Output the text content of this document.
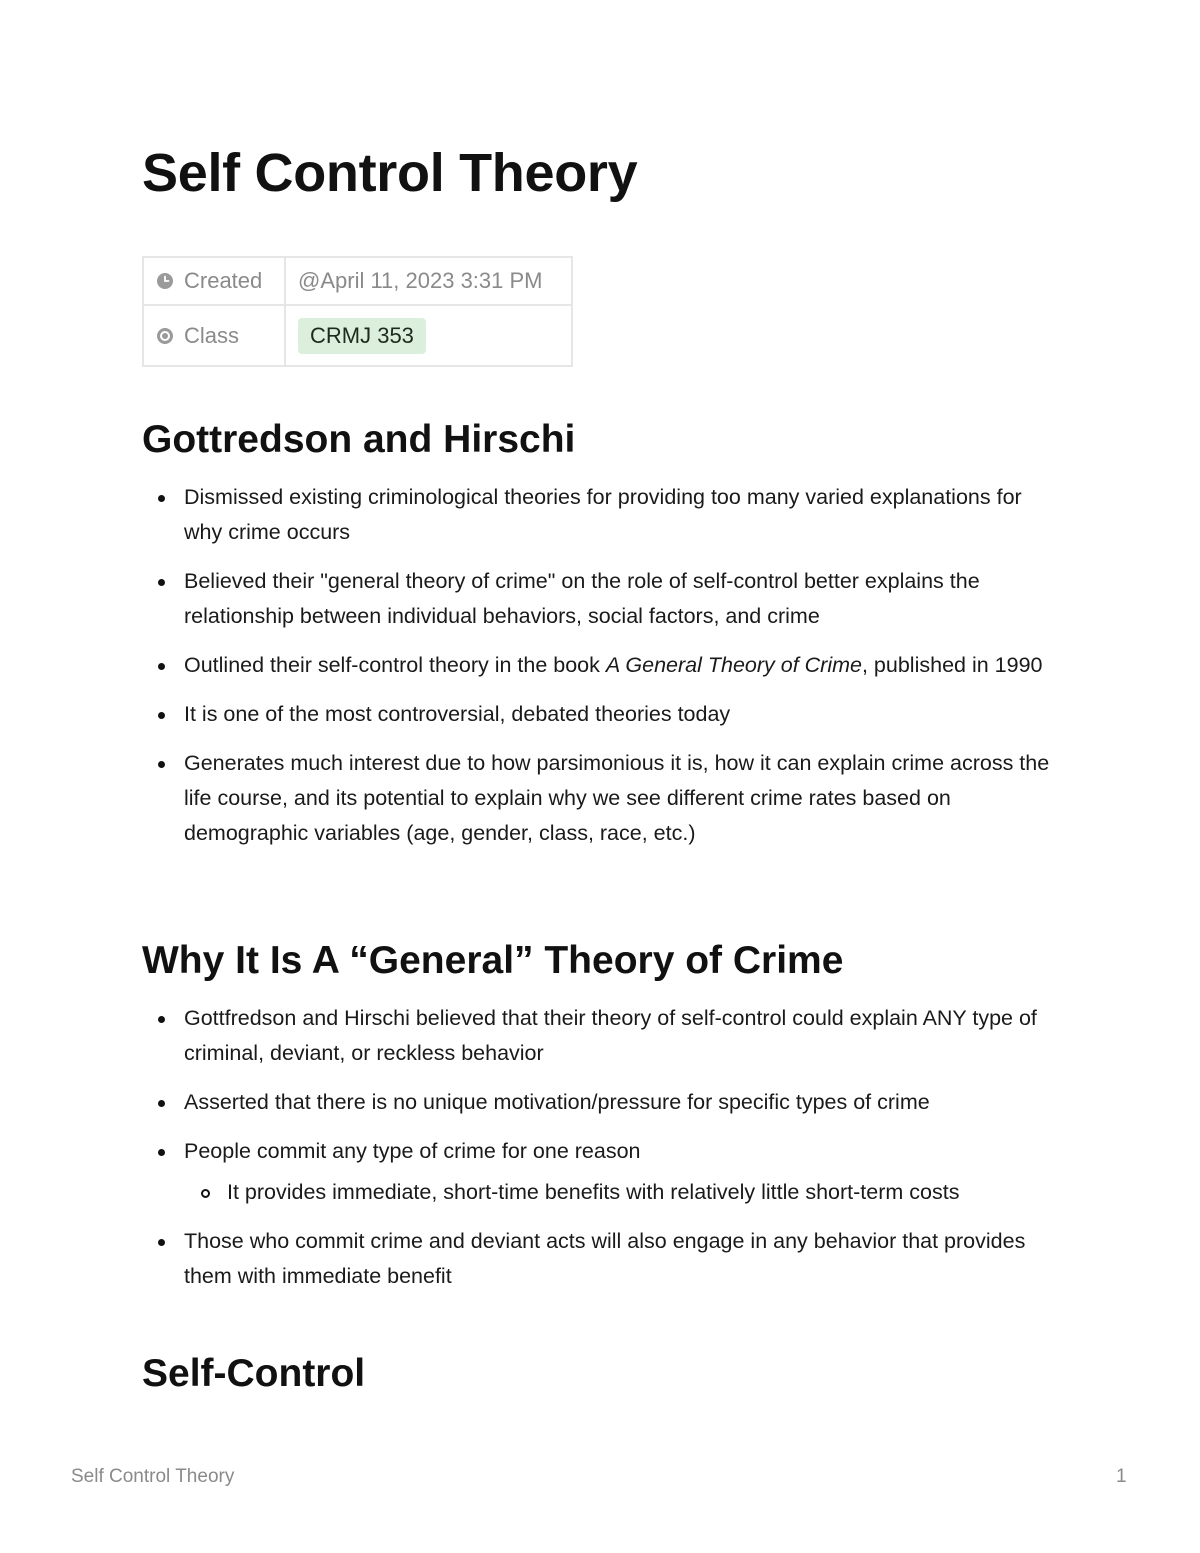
Self Control Theory
Created	@April 11, 2023 3:31 PM
Class	CRMJ 353
Gottredson and Hirschi
Dismissed existing criminological theories for providing too many varied explanations for why crime occurs
Believed their "general theory of crime" on the role of self-control better explains the relationship between individual behaviors, social factors, and crime
Outlined their self-control theory in the book A General Theory of Crime, published in 1990
It is one of the most controversial, debated theories today
Generates much interest due to how parsimonious it is, how it can explain crime across the life course, and its potential to explain why we see different crime rates based on demographic variables (age, gender, class, race, etc.)
Why It Is A “General” Theory of Crime
Gottfredson and Hirschi believed that their theory of self-control could explain ANY type of criminal, deviant, or reckless behavior
Asserted that there is no unique motivation/pressure for specific types of crime
People commit any type of crime for one reason
It provides immediate, short-time benefits with relatively little short-term costs
Those who commit crime and deviant acts will also engage in any behavior that provides them with immediate benefit
Self-Control
Self Control Theory	1
